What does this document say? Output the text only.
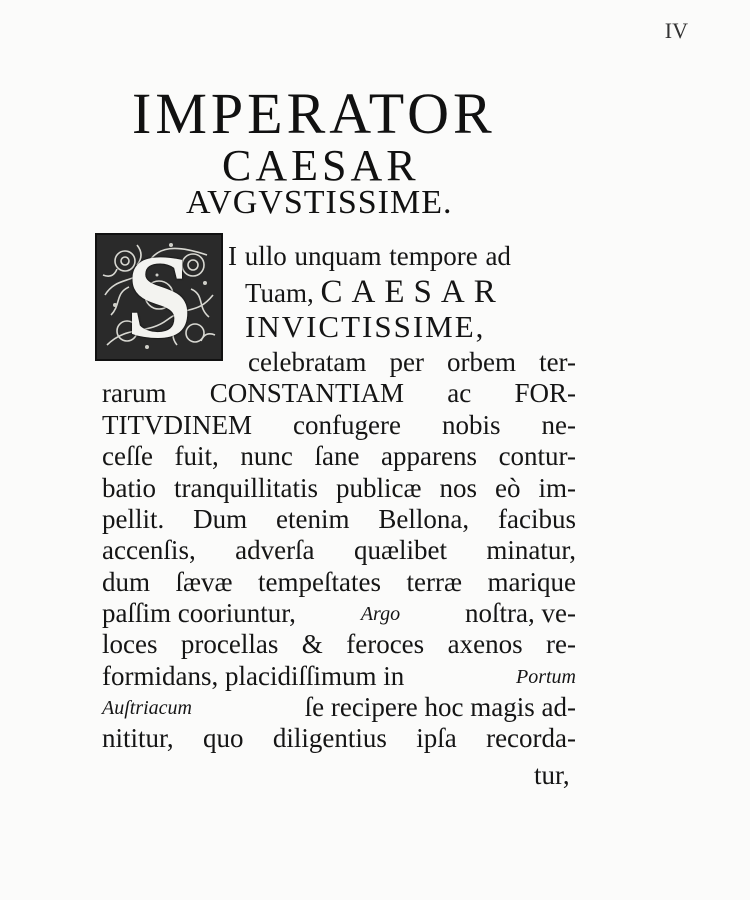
IV
IMPERATOR
CAESAR
AVGVSTISSIME.
S	I ullo unquam tempore ad
Tuam, CAESAR
INVICTISSIME,
celebratam per orbem ter-
rarum CONSTANTIAM ac FOR-
TITVDINEM confugere nobis ne-
ceſſe fuit, nunc ſane apparens contur-
batio tranquillitatis publicæ nos eò im-
pellit. Dum etenim Bellona, facibus
accenſis, adverſa quælibet minatur,
dum ſævæ tempeſtates terræ marique
paſſim cooriuntur,	Argo noſtra, ve-
loces procellas & feroces axenos re-
formidans, placidiſſimum in	Portum
Auſtriacum	ſe recipere hoc magis ad-
nititur, quo diligentius ipſa recorda-
tur,
